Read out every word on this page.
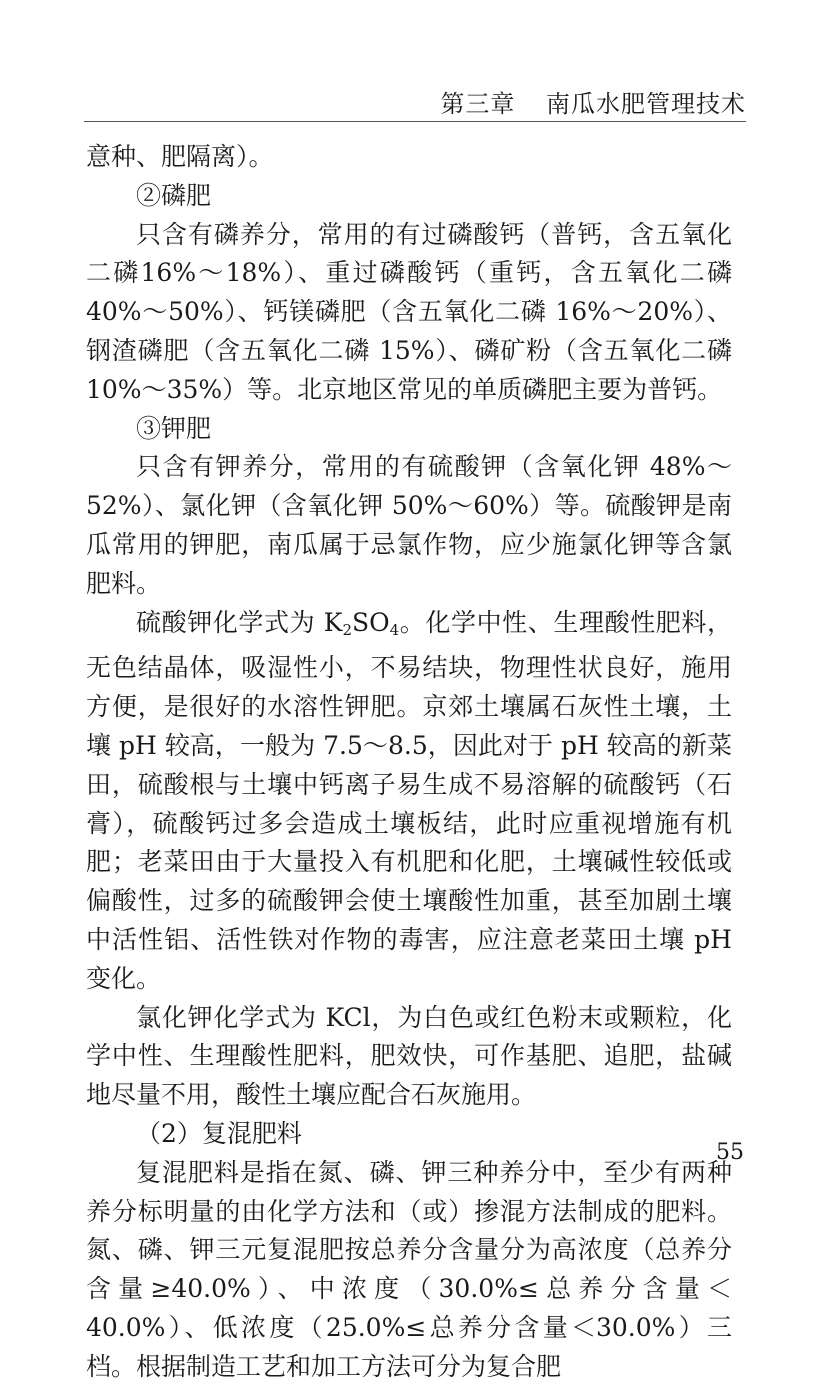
第三章 南瓜水肥管理技术

意种、肥隔离）。

②磷肥

只含有磷养分，常用的有过磷酸钙（普钙，含五氧化二磷16%～18%）、重过磷酸钙（重钙，含五氧化二磷 40%～50%）、钙镁磷肥（含五氧化二磷 16%～20%）、钢渣磷肥（含五氧化二磷 15%）、磷矿粉（含五氧化二磷 10%～35%）等。北京地区常见的单质磷肥主要为普钙。

③钾肥

只含有钾养分，常用的有硫酸钾（含氧化钾 48%～52%）、氯化钾（含氧化钾 50%～60%）等。硫酸钾是南瓜常用的钾肥，南瓜属于忌氯作物，应少施氯化钾等含氯肥料。

硫酸钾化学式为 $K_2SO_4$。化学中性、生理酸性肥料，无色结晶体，吸湿性小，不易结块，物理性状良好，施用方便，是很好的水溶性钾肥。京郊土壤属石灰性土壤，土壤 pH 较高，一般为 7.5～8.5，因此对于 pH 较高的新菜田，硫酸根与土壤中钙离子易生成不易溶解的硫酸钙（石膏），硫酸钙过多会造成土壤板结，此时应重视增施有机肥；老菜田由于大量投入有机肥和化肥，土壤碱性较低或偏酸性，过多的硫酸钾会使土壤酸性加重，甚至加剧土壤中活性铝、活性铁对作物的毒害，应注意老菜田土壤 pH 变化。

氯化钾化学式为 KCl，为白色或红色粉末或颗粒，化学中性、生理酸性肥料，肥效快，可作基肥、追肥，盐碱地尽量不用，酸性土壤应配合石灰施用。

（2）复混肥料

复混肥料是指在氮、磷、钾三种养分中，至少有两种养分标明量的由化学方法和（或）掺混方法制成的肥料。氮、磷、钾三元复混肥按总养分含量分为高浓度（总养分含量≥40.0%）、中浓度（30.0%≤总养分含量＜40.0%）、低浓度（25.0%≤总养分含量＜30.0%）三档。根据制造工艺和加工方法可分为复合肥

55
